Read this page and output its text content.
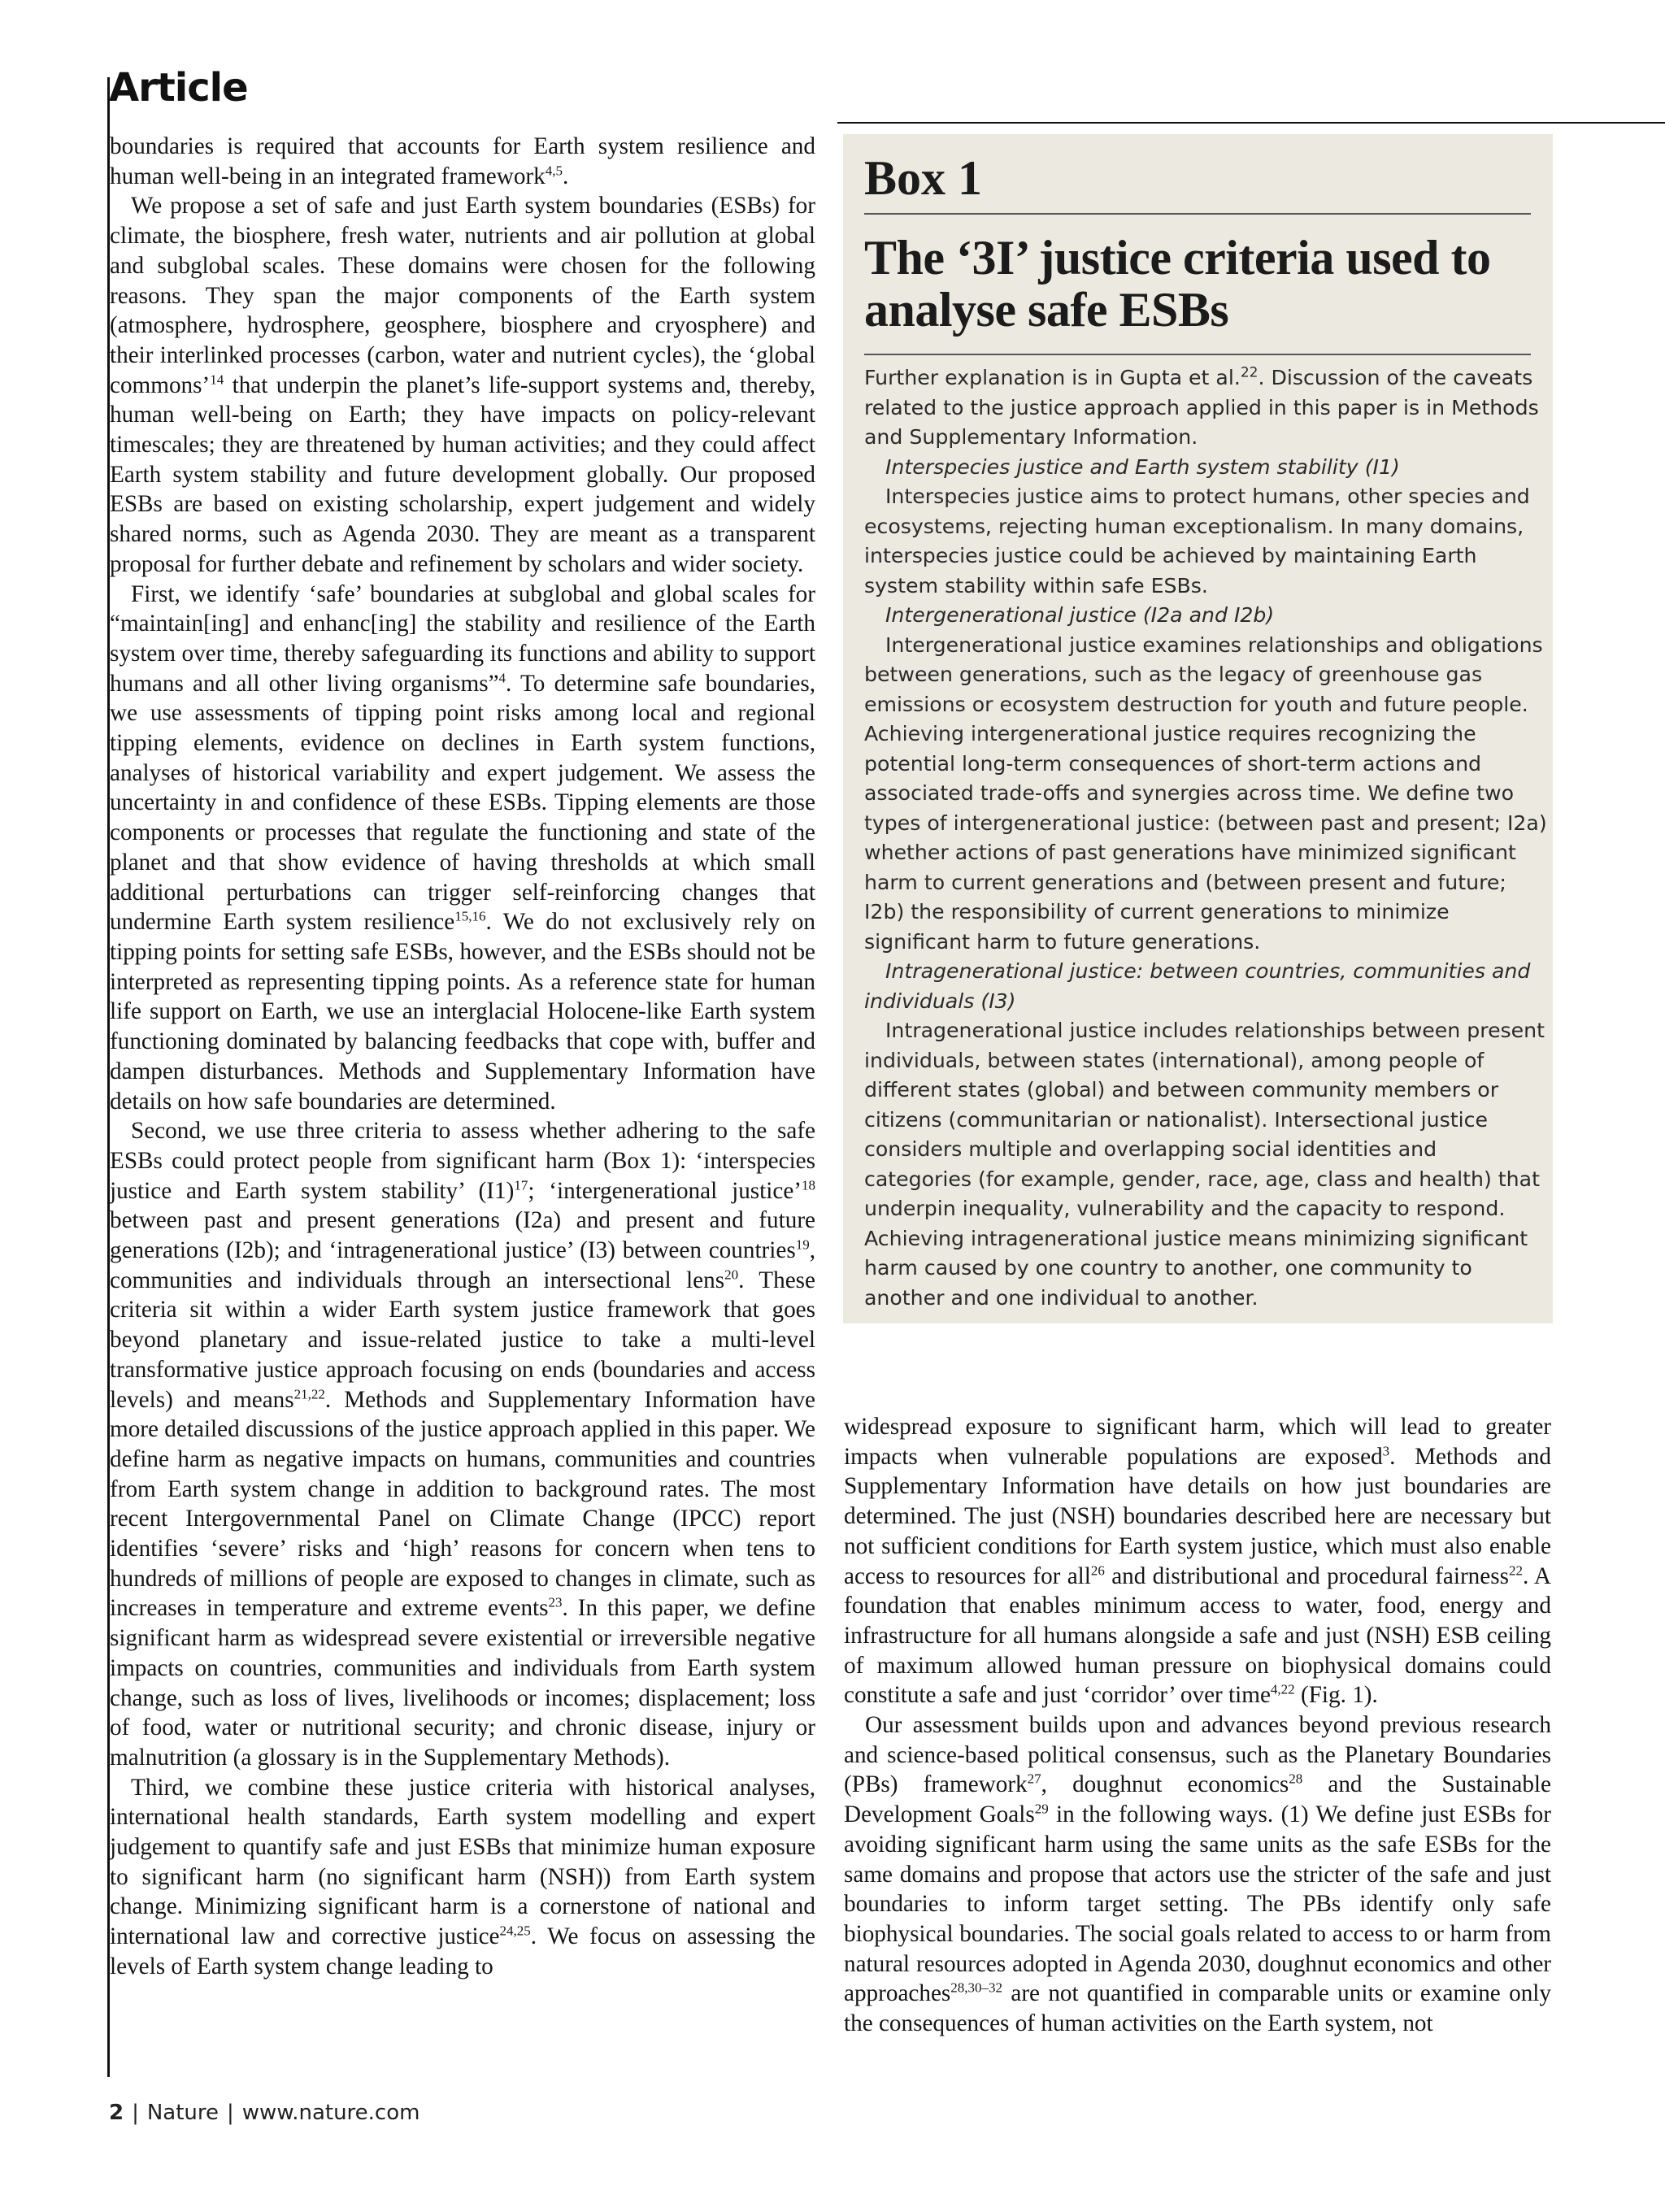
Article

boundaries is required that accounts for Earth system resilience and human well-being in an integrated framework$^{4,5}$.

We propose a set of safe and just Earth system boundaries (ESBs) for climate, the biosphere, fresh water, nutrients and air pollution at global and subglobal scales. These domains were chosen for the following reasons. They span the major components of the Earth system (atmosphere, hydrosphere, geosphere, biosphere and cryosphere) and their interlinked processes (carbon, water and nutrient cycles), the ‘global commons’$^{14}$ that underpin the planet’s life-support systems and, thereby, human well-being on Earth; they have impacts on policy-relevant timescales; they are threatened by human activities; and they could affect Earth system stability and future development globally. Our proposed ESBs are based on existing scholarship, expert judgement and widely shared norms, such as Agenda 2030. They are meant as a transparent proposal for further debate and refinement by scholars and wider society.

First, we identify ‘safe’ boundaries at subglobal and global scales for “maintain[ing] and enhanc[ing] the stability and resilience of the Earth system over time, thereby safeguarding its functions and ability to support humans and all other living organisms”$^4$. To determine safe boundaries, we use assessments of tipping point risks among local and regional tipping elements, evidence on declines in Earth system functions, analyses of historical variability and expert judgement. We assess the uncertainty in and confidence of these ESBs. Tipping elements are those components or processes that regulate the functioning and state of the planet and that show evidence of having thresholds at which small additional perturbations can trigger self-reinforcing changes that undermine Earth system resilience$^{15,16}$. We do not exclusively rely on tipping points for setting safe ESBs, however, and the ESBs should not be interpreted as representing tipping points. As a reference state for human life support on Earth, we use an interglacial Holocene-like Earth system functioning dominated by balancing feedbacks that cope with, buffer and dampen disturbances. Methods and Supplementary Information have details on how safe boundaries are determined.

Second, we use three criteria to assess whether adhering to the safe ESBs could protect people from significant harm (Box 1): ‘interspecies justice and Earth system stability’ $(I1)^{17}$; ‘intergenerational justice’$^{18}$ between past and present generations (I2a) and present and future generations (I2b); and ‘intragenerational justice’ (I3) between countries$^{19}$, communities and individuals through an intersectional lens$^{20}$. These criteria sit within a wider Earth system justice framework that goes beyond planetary and issue-related justice to take a multi-level transformative justice approach focusing on ends (boundaries and access levels) and means$^{21,22}$. Methods and Supplementary Information have more detailed discussions of the justice approach applied in this paper. We define harm as negative impacts on humans, communities and countries from Earth system change in addition to background rates. The most recent Intergovernmental Panel on Climate Change (IPCC) report identifies ‘severe’ risks and ‘high’ reasons for concern when tens to hundreds of millions of people are exposed to changes in climate, such as increases in temperature and extreme events$^{23}$. In this paper, we define significant harm as widespread severe existential or irreversible negative impacts on countries, communities and individuals from Earth system change, such as loss of lives, livelihoods or incomes; displacement; loss of food, water or nutritional security; and chronic disease, injury or malnutrition (a glossary is in the Supplementary Methods).

Third, we combine these justice criteria with historical analyses, international health standards, Earth system modelling and expert judgement to quantify safe and just ESBs that minimize human exposure to significant harm (no significant harm (NSH)) from Earth system change. Minimizing significant harm is a cornerstone of national and international law and corrective justice$^{24,25}$. We focus on assessing the levels of Earth system change leading to

Box 1
The ‘3I’ justice criteria used to analyse safe ESBs

Further explanation is in Gupta et al.$^{22}$. Discussion of the caveats related to the justice approach applied in this paper is in Methods and Supplementary Information.

Interspecies justice and Earth system stability (I1)

Interspecies justice aims to protect humans, other species and ecosystems, rejecting human exceptionalism. In many domains, interspecies justice could be achieved by maintaining Earth system stability within safe ESBs.

Intergenerational justice (I2a and I2b)

Intergenerational justice examines relationships and obligations between generations, such as the legacy of greenhouse gas emissions or ecosystem destruction for youth and future people. Achieving intergenerational justice requires recognizing the potential long-term consequences of short-term actions and associated trade-offs and synergies across time. We define two types of intergenerational justice: (between past and present; I2a) whether actions of past generations have minimized significant harm to current generations and (between present and future; I2b) the responsibility of current generations to minimize significant harm to future generations.

Intragenerational justice: between countries, communities and individuals (I3)

Intragenerational justice includes relationships between present individuals, between states (international), among people of different states (global) and between community members or citizens (communitarian or nationalist). Intersectional justice considers multiple and overlapping social identities and categories (for example, gender, race, age, class and health) that underpin inequality, vulnerability and the capacity to respond. Achieving intragenerational justice means minimizing significant harm caused by one country to another, one community to another and one individual to another.

widespread exposure to significant harm, which will lead to greater impacts when vulnerable populations are exposed$^3$. Methods and Supplementary Information have details on how just boundaries are determined. The just (NSH) boundaries described here are necessary but not sufficient conditions for Earth system justice, which must also enable access to resources for all$^{26}$ and distributional and procedural fairness$^{22}$. A foundation that enables minimum access to water, food, energy and infrastructure for all humans alongside a safe and just (NSH) ESB ceiling of maximum allowed human pressure on biophysical domains could constitute a safe and just ‘corridor’ over time$^{4,22}$ (Fig. 1).

Our assessment builds upon and advances beyond previous research and science-based political consensus, such as the Planetary Boundaries (PBs) framework$^{27}$, doughnut economics$^{28}$ and the Sustainable Development Goals$^{29}$ in the following ways. (1) We define just ESBs for avoiding significant harm using the same units as the safe ESBs for the same domains and propose that actors use the stricter of the safe and just boundaries to inform target setting. The PBs identify only safe biophysical boundaries. The social goals related to access to or harm from natural resources adopted in Agenda 2030, doughnut economics and other approaches$^{28,30-32}$ are not quantified in comparable units or examine only the consequences of human activities on the Earth system, not

2 | Nature | www.nature.com
